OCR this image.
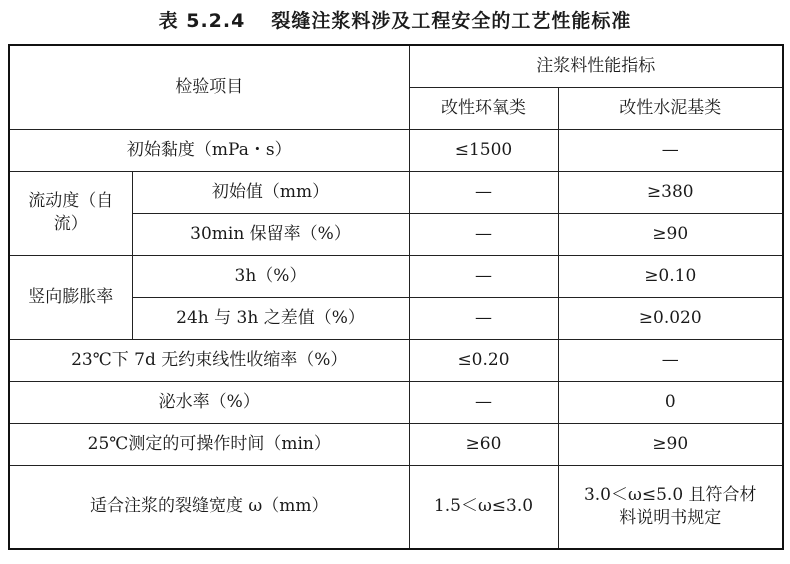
表 5.2.4 裂缝注浆料涉及工程安全的工艺性能标准
检验项目		注浆料性能指标	
		改性环氧类	改性水泥基类
初始黏度（mPa・s）		≤1500	—
流动度（自流）	初始值（mm）	—	≥380
	30min 保留率（%）	—	≥90
竖向膨胀率	3h（%）	—	≥0.10
	24h 与 3h 之差值（%）	—	≥0.020
23℃下 7d 无约束线性收缩率（%）		≤0.20	—
泌水率（%）		—	0
25℃测定的可操作时间（min）		≥60	≥90
适合注浆的裂缝宽度 ω（mm）		1.5＜ω≤3.0	3.0＜ω≤5.0 且符合材料说明书规定
